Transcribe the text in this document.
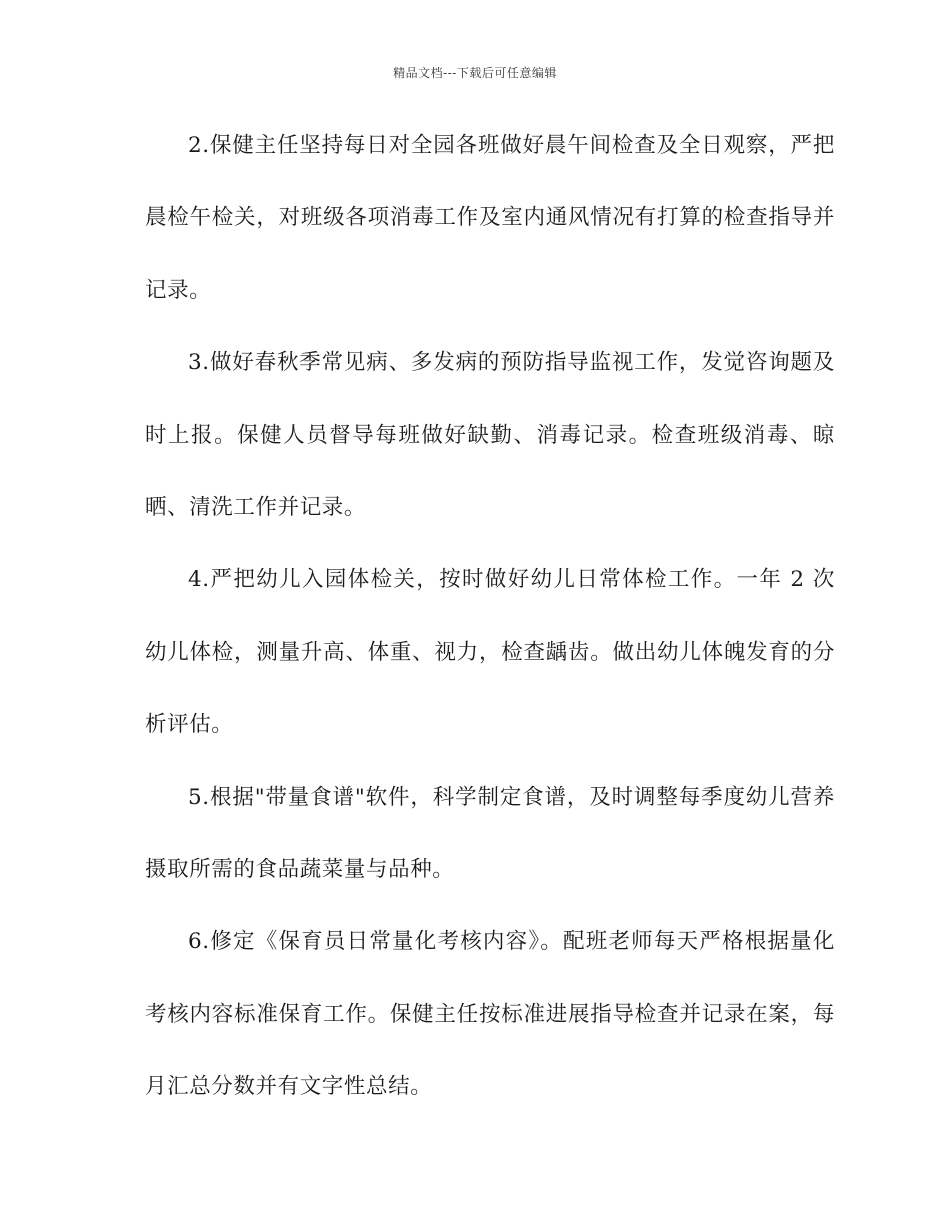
精品文档---下载后可任意编辑

2.保健主任坚持每日对全园各班做好晨午间检查及全日观察，严把晨检午检关，对班级各项消毒工作及室内通风情况有打算的检查指导并记录。

3.做好春秋季常见病、多发病的预防指导监视工作，发觉咨询题及时上报。保健人员督导每班做好缺勤、消毒记录。检查班级消毒、晾晒、清洗工作并记录。

4.严把幼儿入园体检关，按时做好幼儿日常体检工作。一年 2 次幼儿体检，测量升高、体重、视力，检查龋齿。做出幼儿体魄发育的分析评估。

5.根据"带量食谱"软件，科学制定食谱，及时调整每季度幼儿营养摄取所需的食品蔬菜量与品种。

6.修定《保育员日常量化考核内容》。配班老师每天严格根据量化考核内容标准保育工作。保健主任按标准进展指导检查并记录在案，每月汇总分数并有文字性总结。
